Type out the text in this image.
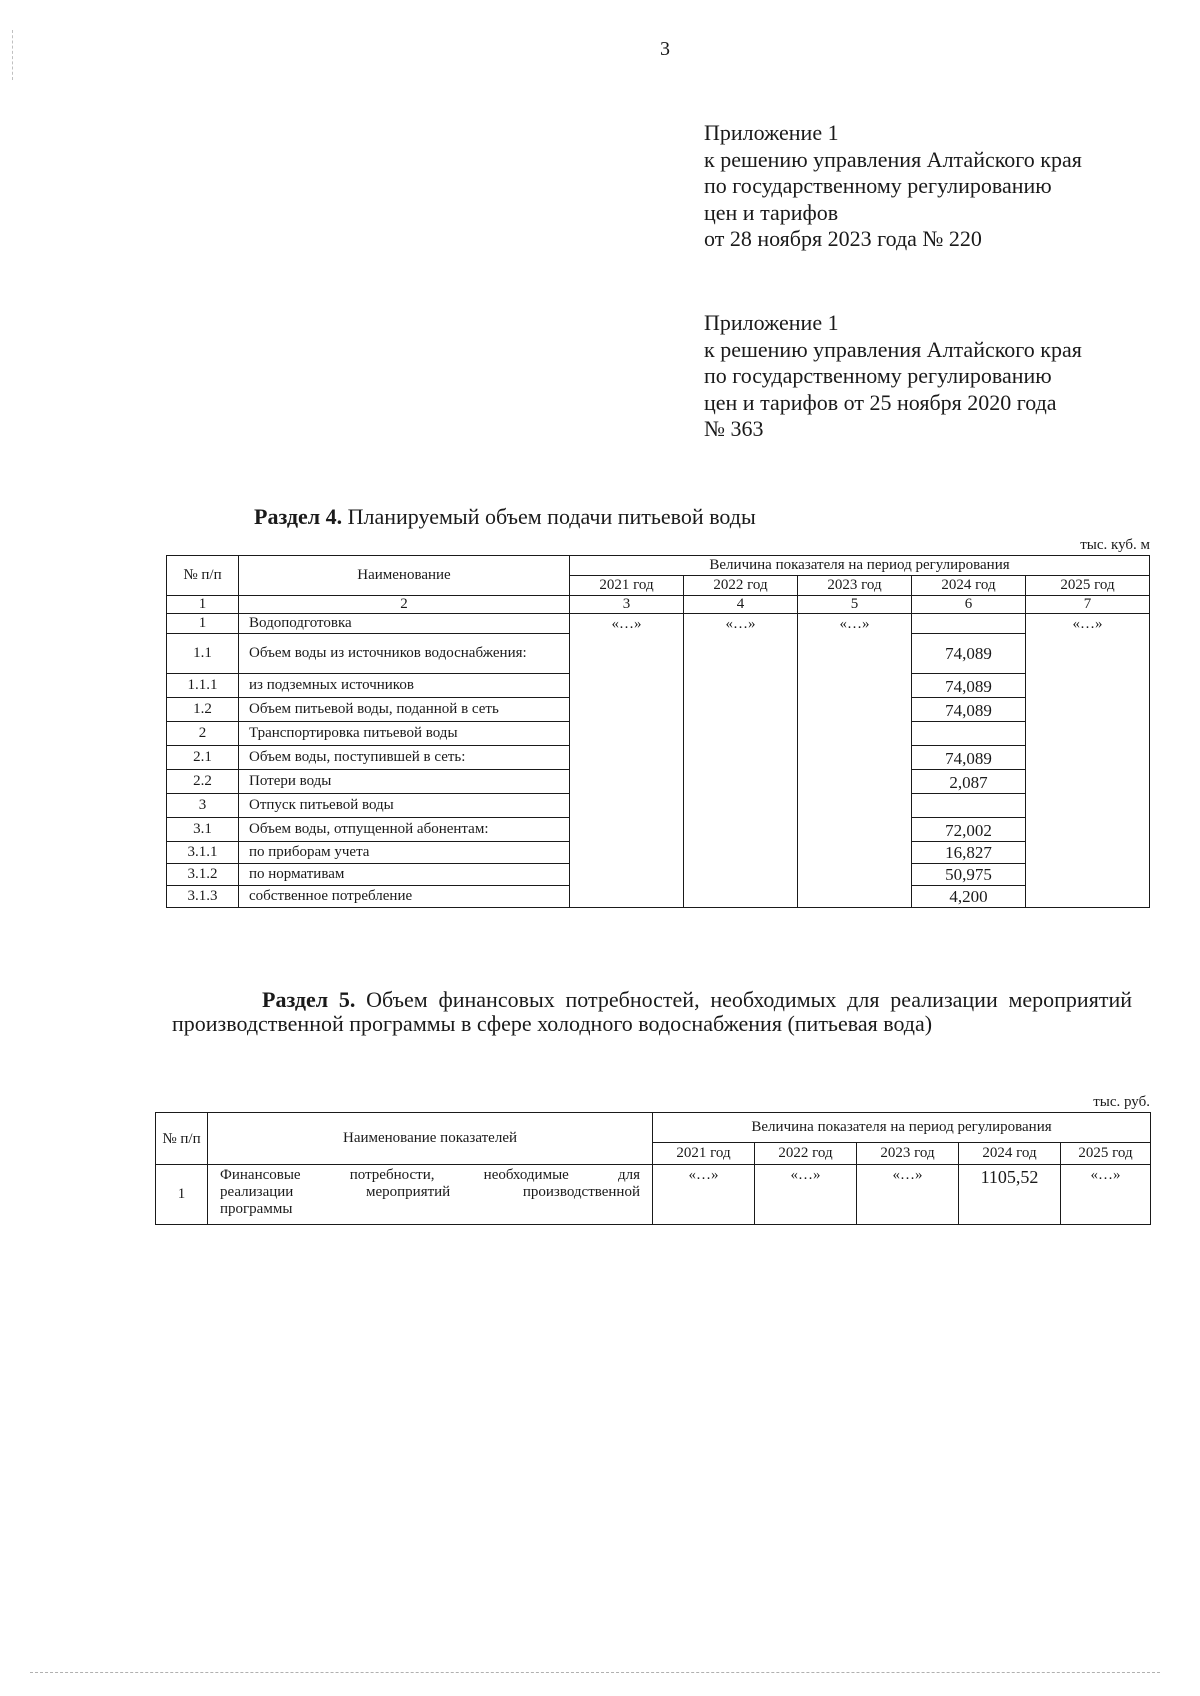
3
Приложение 1
к решению управления Алтайского края
по государственному регулированию
цен и тарифов
от 28 ноября 2023 года № 220
Приложение 1
к решению управления Алтайского края
по государственному регулированию
цен и тарифов от 25 ноября 2020 года
№ 363
Раздел 4. Планируемый объем подачи питьевой воды
тыс. куб. м
№ п/п	Наименование	Величина показателя на период регулирования				
		2021 год	2022 год	2023 год	2024 год	2025 год
1	2	3	4	5	6	7
1	Водоподготовка	«…»	«…»	«…»		«…»
1.1	Объем воды из источников водоснабжения:				74,089	
1.1.1	из подземных источников				74,089	
1.2	Объем питьевой воды, поданной в сеть				74,089	
2	Транспортировка питьевой воды					
2.1	Объем воды, поступившей в сеть:				74,089	
2.2	Потери воды				2,087	
3	Отпуск питьевой воды					
3.1	Объем воды, отпущенной абонентам:				72,002	
3.1.1	по приборам учета				16,827	
3.1.2	по нормативам				50,975	
3.1.3	собственное потребление				4,200	
Раздел 5. Объем финансовых потребностей, необходимых для реализации мероприятий производственной программы в сфере холодного водоснабжения (питьевая вода)
тыс. руб.
№ п/п	Наименование показателей	Величина показателя на период регулирования				
		2021 год	2022 год	2023 год	2024 год	2025 год
1	Финансовые потребности, необходимые для
реализации мероприятий производственной
программы	«…»	«…»	«…»	1105,52	«…»
